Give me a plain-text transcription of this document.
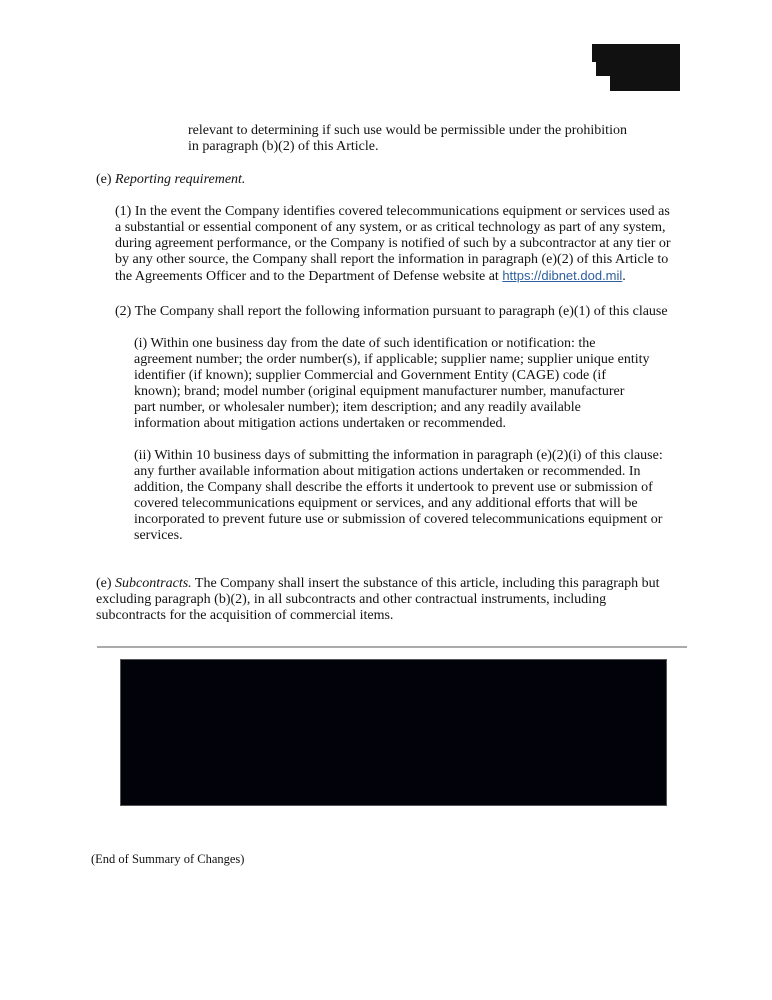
relevant to determining if such use would be permissible under the prohibition
in paragraph (b)(2) of this Article.
(e) Reporting requirement.
(1) In the event the Company identifies covered telecommunications equipment or services used as
a substantial or essential component of any system, or as critical technology as part of any system,
during agreement performance, or the Company is notified of such by a subcontractor at any tier or
by any other source, the Company shall report the information in paragraph (e)(2) of this Article to
the Agreements Officer and to the Department of Defense website at https://dibnet.dod.mil.
(2) The Company shall report the following information pursuant to paragraph (e)(1) of this clause
(i) Within one business day from the date of such identification or notification: the
agreement number; the order number(s), if applicable; supplier name; supplier unique entity
identifier (if known); supplier Commercial and Government Entity (CAGE) code (if
known); brand; model number (original equipment manufacturer number, manufacturer
part number, or wholesaler number); item description; and any readily available
information about mitigation actions undertaken or recommended.
(ii) Within 10 business days of submitting the information in paragraph (e)(2)(i) of this clause:
any further available information about mitigation actions undertaken or recommended. In
addition, the Company shall describe the efforts it undertook to prevent use or submission of
covered telecommunications equipment or services, and any additional efforts that will be
incorporated to prevent future use or submission of covered telecommunications equipment or
services.
(e) Subcontracts. The Company shall insert the substance of this article, including this paragraph but
excluding paragraph (b)(2), in all subcontracts and other contractual instruments, including
subcontracts for the acquisition of commercial items.
(End of Summary of Changes)
